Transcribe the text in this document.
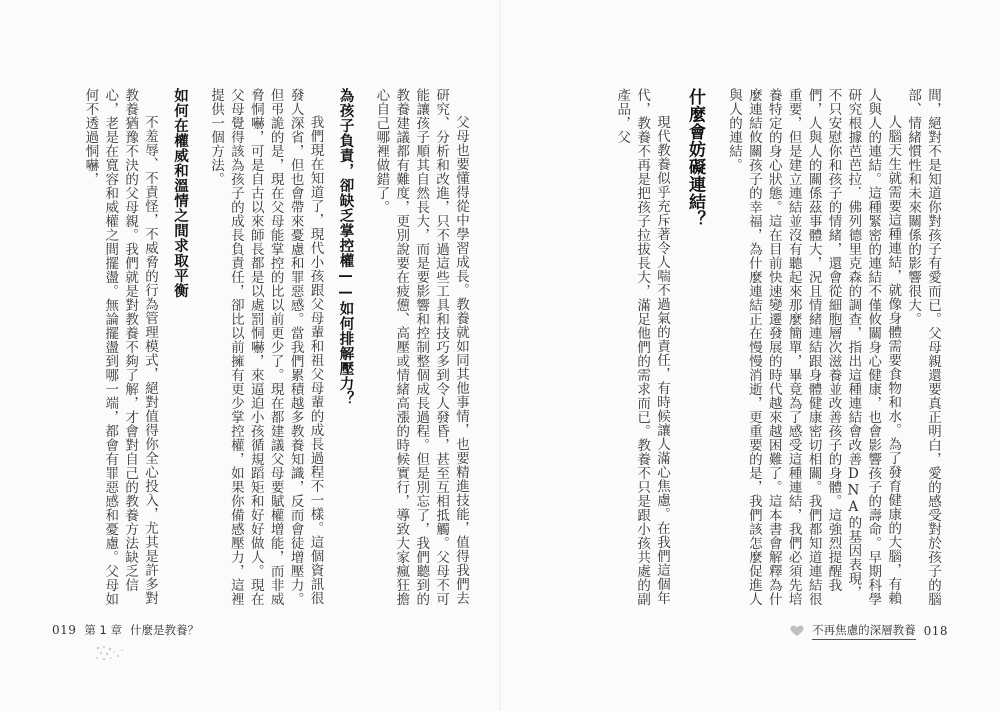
父母也要懂得從中學習成長。教養就如同其他事情，也要精進技能，值得我們去研究、分析和改進，只不過這些工具和技巧多到令人發昏，甚至互相抵觸。父母不可能讓孩子順其自然長大，而是要影響和控制整個成長過程。但是別忘了，我們聽到的教養建議都有難度，更別說要在疲憊、高壓或情緒高漲的時候實行，導致大家瘋狂擔心自己哪裡做錯了。

為孩子負責，卻缺乏掌控權——如何排解壓力？

我們現在知道了，現代小孩跟父母輩和祖父母輩的成長過程不一樣。這個資訊很發人深省，但也會帶來憂慮和罪惡感。當我們累積越多教養知識，反而會徒增壓力。但弔詭的是，現在父母能掌控的比以前更少了。現在都建議父母要賦權增能，而非威脅恫嚇，可是自古以來師長都是以處罰恫嚇，來逼迫小孩循規蹈矩和好好做人。現在父母覺得該為孩子的成長負責任，卻比以前擁有更少掌控權，如果你備感壓力，這裡提供一個方法。

如何在權威和溫情之間求取平衡

不羞辱、不責怪，不威脅的行為管理模式，絕對值得你全心投入，尤其是許多對教養猶豫不決的父母親。我們就是對教養不夠了解，才會對自己的教養方法缺乏信心，老是在寬容和威權之間擺盪。無論擺盪到哪一端，都會有罪惡感和憂慮。父母如何不透過恫嚇，

019 第 1 章 什麼是教養？

間，絕對不是知道你對孩子有愛而已。父母親還要真正明白，愛的感受對於孩子的腦部、情緒慣性和未來關係的影響很大。

人腦天生就需要這種連結，就像身體需要食物和水。為了發育健康的大腦，有賴人與人的連結。這種緊密的連結不僅攸關身心健康，也會影響孩子的壽命。早期科學研究根據芭芭拉．佛列德里克森的調查，指出這種連結會改善DNA的基因表現，不只安慰你和孩子的情緒，還會從細胞層次滋養並改善孩子的身體。這強烈提醒我們，人與人的關係茲事體大，況且情緒連結跟身體健康密切相關。我們都知道連結很重要，但是建立連結並沒有聽起來那麼簡單，畢竟為了感受這種連結，我們必須先培養特定的身心狀態。這在目前快速變遷發展的時代越來越困難了。這本書會解釋為什麼連結攸關孩子的幸福，為什麼連結正在慢慢消逝，更重要的是，我們該怎麼促進人與人的連結。

什麼會妨礙連結？

現代教養似乎充斥著令人喘不過氣的責任，有時候讓人滿心焦慮。在我們這個年代，教養不再是把孩子拉拔長大，滿足他們的需求而已。教養不只是跟小孩共處的副產品，父

不再焦慮的深層教養 018
